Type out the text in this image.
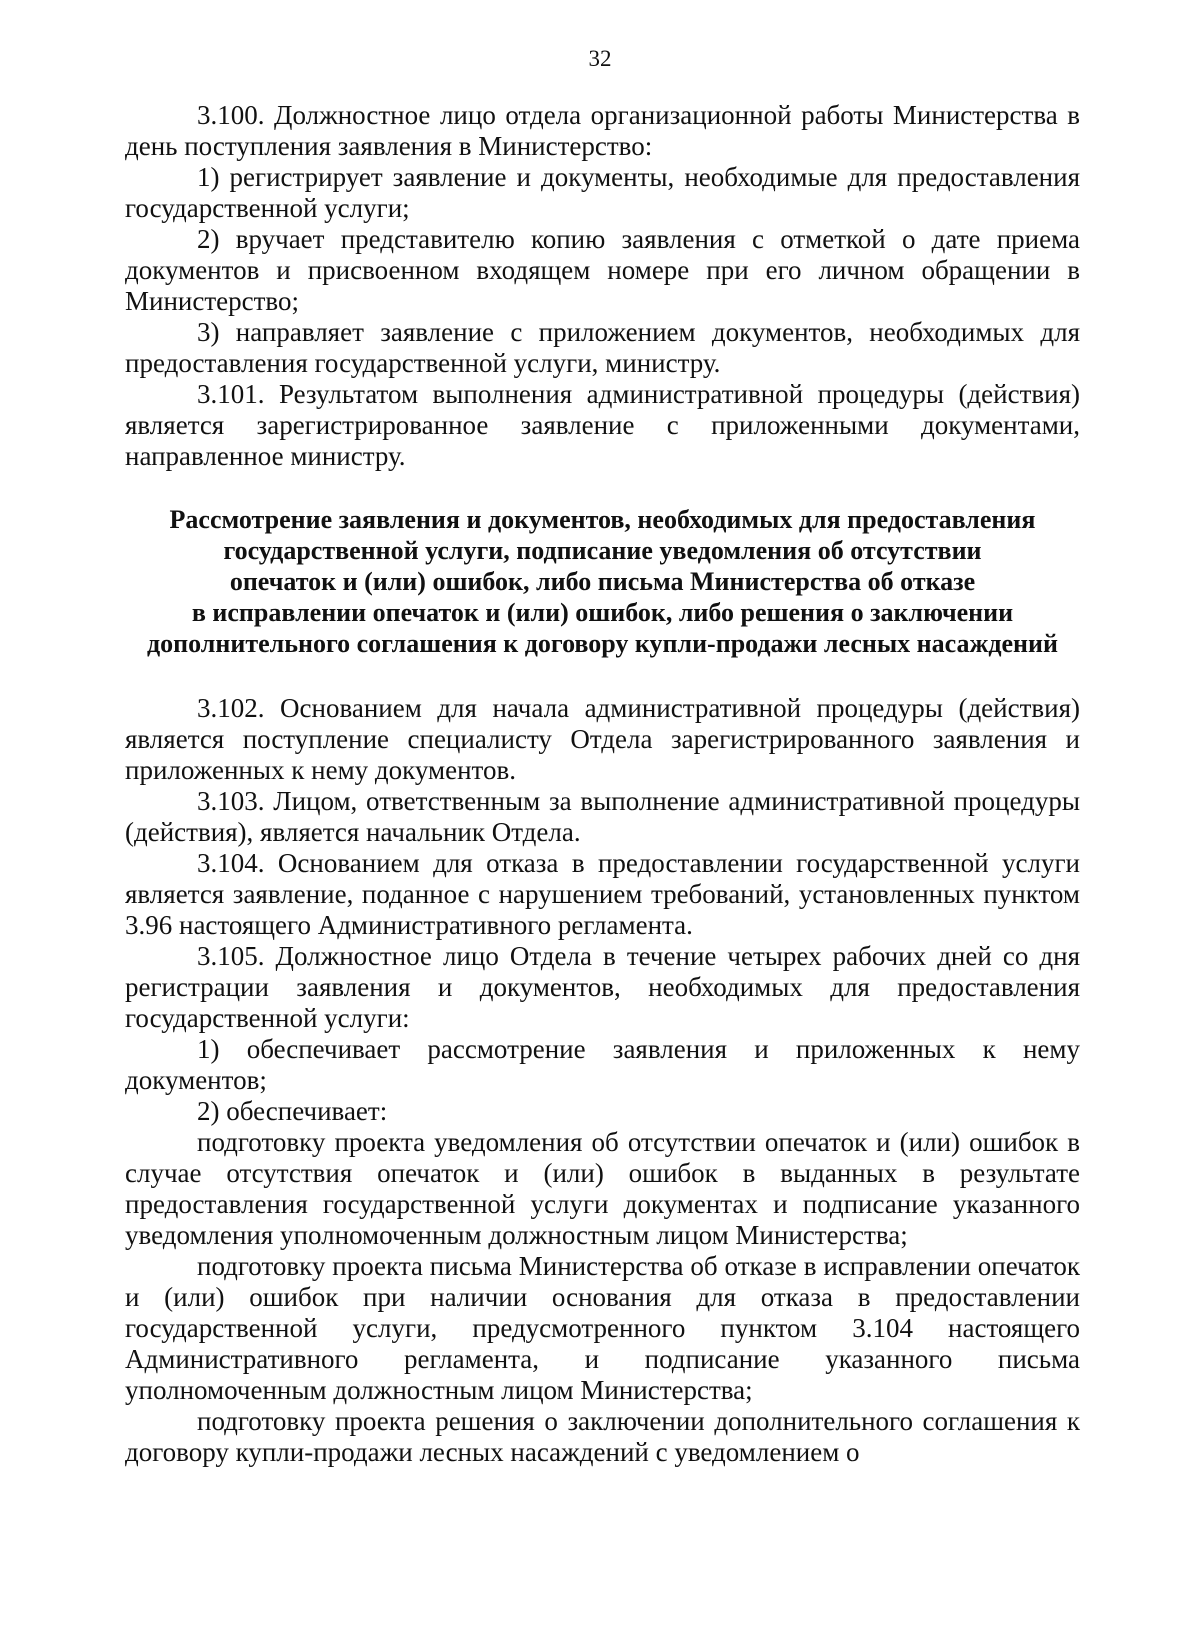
32

3.100. Должностное лицо отдела организационной работы Министерства в день поступления заявления в Министерство:

1) регистрирует заявление и документы, необходимые для предоставления государственной услуги;

2) вручает представителю копию заявления с отметкой о дате приема документов и присвоенном входящем номере при его личном обращении в Министерство;

3) направляет заявление с приложением документов, необходимых для предоставления государственной услуги, министру.

3.101. Результатом выполнения административной процедуры (действия) является зарегистрированное заявление с приложенными документами, направленное министру.

Рассмотрение заявления и документов, необходимых для предоставления
государственной услуги, подписание уведомления об отсутствии
опечаток и (или) ошибок, либо письма Министерства об отказе
в исправлении опечаток и (или) ошибок, либо решения о заключении
дополнительного соглашения к договору купли-продажи лесных насаждений

3.102. Основанием для начала административной процедуры (действия) является поступление специалисту Отдела зарегистрированного заявления и приложенных к нему документов.

3.103. Лицом, ответственным за выполнение административной процедуры (действия), является начальник Отдела.

3.104. Основанием для отказа в предоставлении государственной услуги является заявление, поданное с нарушением требований, установленных пунктом 3.96 настоящего Административного регламента.

3.105. Должностное лицо Отдела в течение четырех рабочих дней со дня регистрации заявления и документов, необходимых для предоставления государственной услуги:

1) обеспечивает рассмотрение заявления и приложенных к нему документов;

2) обеспечивает:

подготовку проекта уведомления об отсутствии опечаток и (или) ошибок в случае отсутствия опечаток и (или) ошибок в выданных в результате предоставления государственной услуги документах и подписание указанного уведомления уполномоченным должностным лицом Министерства;

подготовку проекта письма Министерства об отказе в исправлении опечаток и (или) ошибок при наличии основания для отказа в предоставлении государственной услуги, предусмотренного пунктом 3.104 настоящего Административного регламента, и подписание указанного письма уполномоченным должностным лицом Министерства;

подготовку проекта решения о заключении дополнительного соглашения к договору купли-продажи лесных насаждений с уведомлением о
